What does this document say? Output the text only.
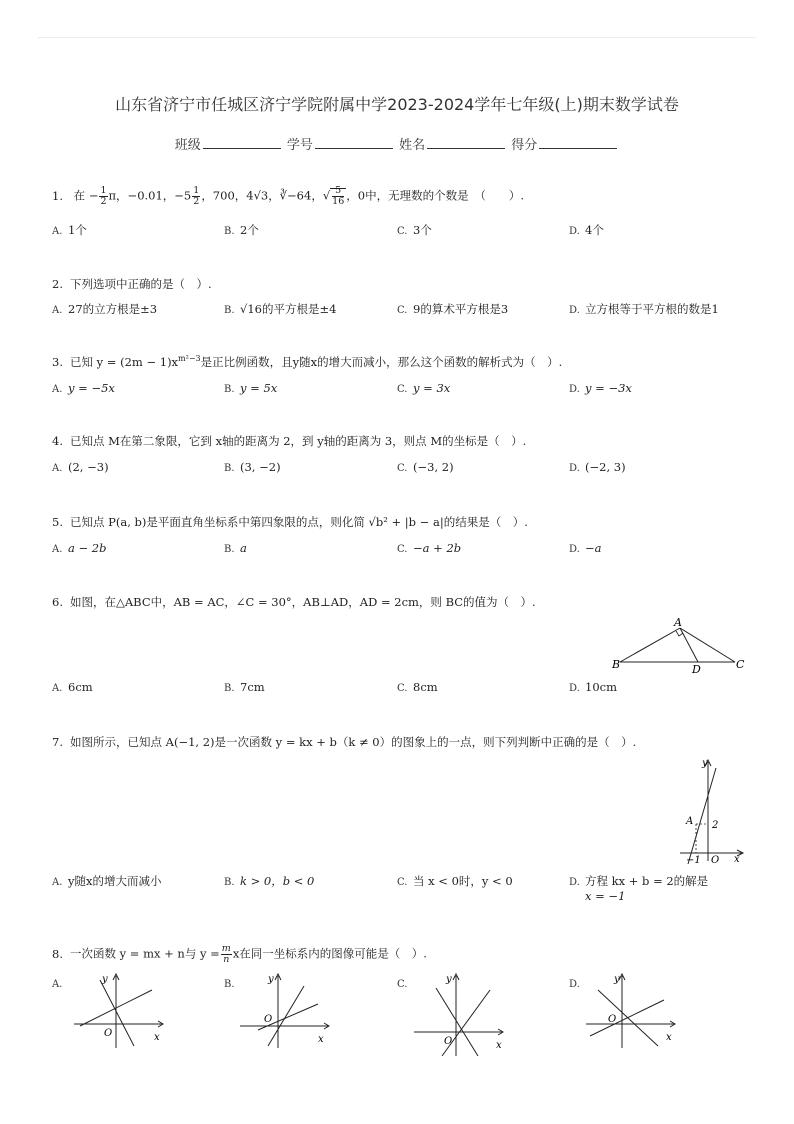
山东省济宁市任城区济宁学院附属中学2023-2024学年七年级(上)期末数学试卷
班级	学号	姓名	得分
1. 在 − $\frac{1}{2}$ π，−0.01，$-5 \frac{1}{2}$ ，700，4√3，∛−64，√ $\frac{5}{16}$ ，0中，无理数的个数是　（　　）.
A. 1个	B. 2个	C. 3个	D. 4个
2. 下列选项中正确的是（　）.
A. 27的立方根是±3	B. √16的平方根是±4	C. 9的算术平方根是3	D. 立方根等于平方根的数是1
3. 已知 $y = (2m - 1)x^{m^2-3}$是正比例函数，且y随x的增大而减小，那么这个函数的解析式为（　）.
A. y = −5x	B. y = 5x	C. y = 3x	D. y = −3x
4. 已知点 M在第二象限，它到 x轴的距离为 2，到 y轴的距离为 3，则点 M的坐标是（　）.
A. (2, −3)	B. (3, −2)	C. (−3, 2)	D. (−2, 3)
5. 已知点 P(a, b)是平面直角坐标系中第四象限的点，则化简 √b² + |b − a|的结果是（　）.
A. a − 2b	B. a	C. −a + 2b	D. −a
6. 如图，在△ABC中，AB = AC，∠C = 30°，AB⊥AD，AD = 2cm，则 BC的值为（　）.
A
B	C
D
A. 6cm	B. 7cm	C. 8cm	D. 10cm
7. 如图所示，已知点 A(−1, 2)是一次函数 y = kx + b（k ≠ 0）的图象上的一点，则下列判断中正确的是（　）.
y
x
A 2
−1 O
A. y随x的增大而减小	B. k > 0，b < 0	C. 当 x < 0时，y < 0	D. 方程 kx + b = 2的解是
x = −1
8. 一次函数 y = mx + n与 $y = \frac{m}{n}$ x在同一坐标系内的图像可能是（　）.
A.	y
x
O
B.	y
x
O
C.	y
x
O
D.	y
x
O
